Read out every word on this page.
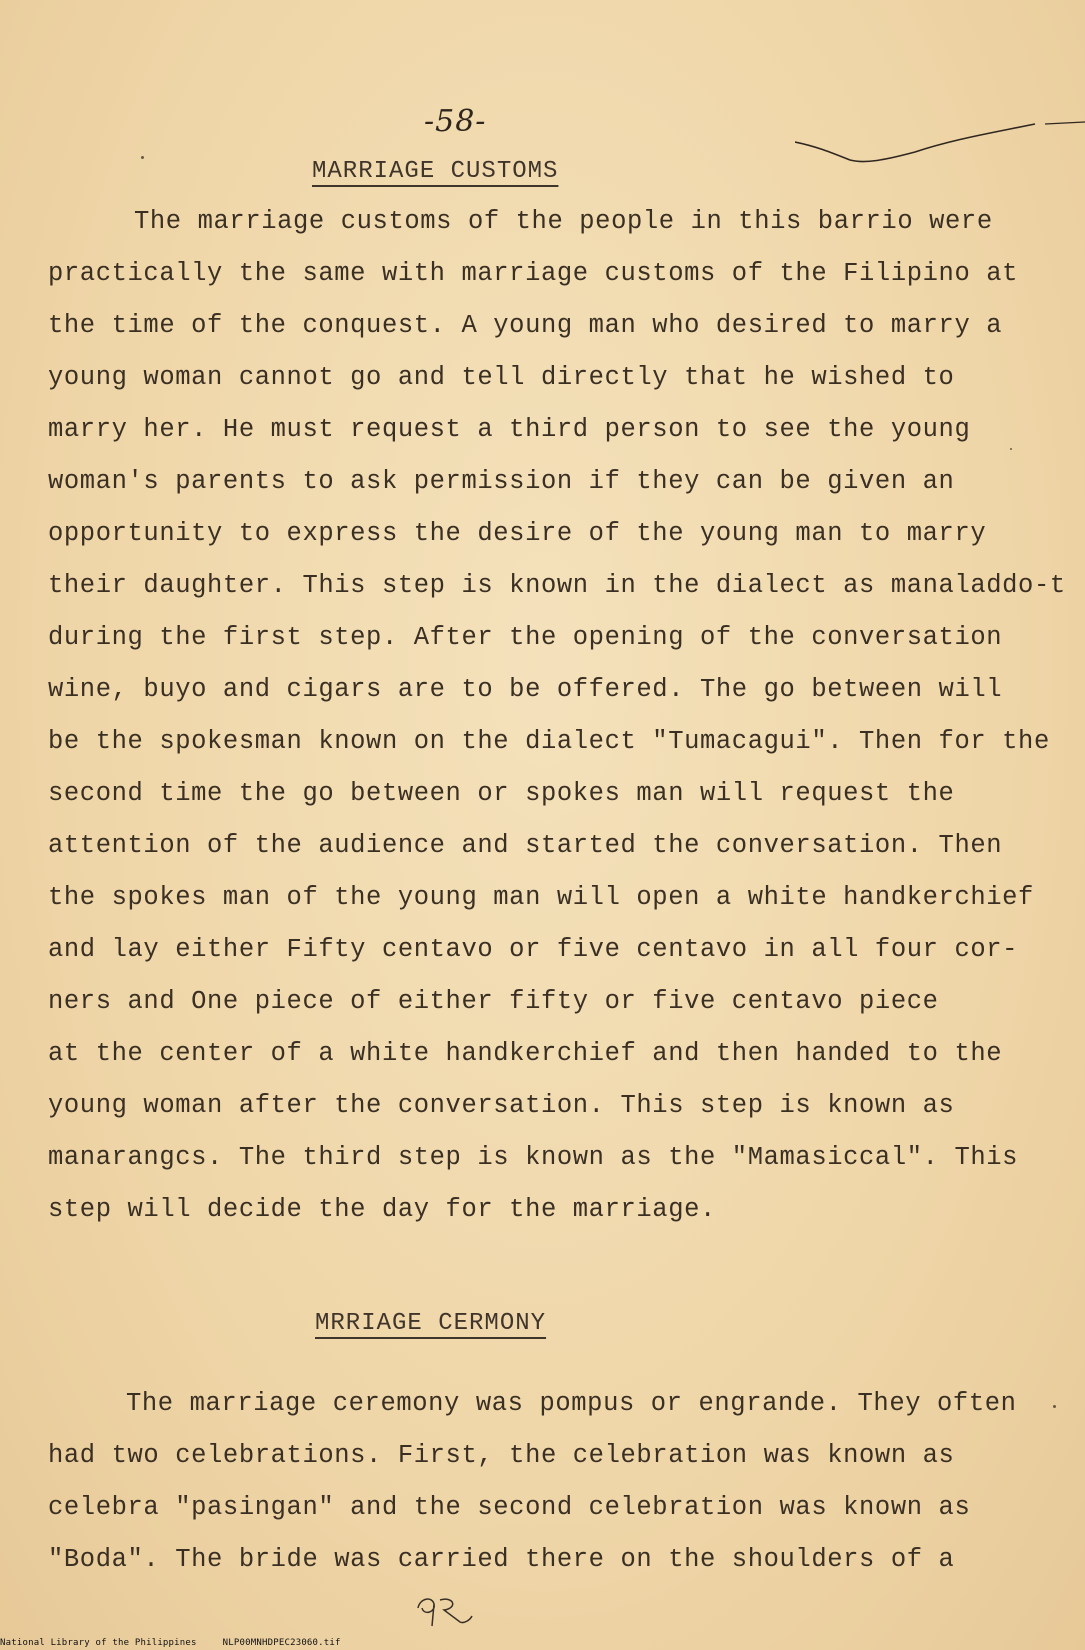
-58-
MARRIAGE CUSTOMS
The marriage customs of the people in this barrio were
practically the same with marriage customs of the Filipino at
the time of the conquest. A young man who desired to marry a
young woman cannot go and tell directly that he wished to
marry her. He must request a third person to see the young
woman's parents to ask permission if they can be given an
opportunity to express the desire of the young man to marry
their daughter. This step is known in the dialect as manaladdo-t
during the first step. After the opening of the conversation
wine, buyo and cigars are to be offered. The go between will
be the spokesman known on the dialect "Tumacagui". Then for the
second time the go between or spokes man will request the
attention of the audience and started the conversation. Then
the spokes man of the young man will open a white handkerchief
and lay either Fifty centavo or five centavo in all four cor-
ners and One piece of either fifty or five centavo piece
at the center of a white handkerchief and then handed to the
young woman after the conversation. This step is known as
manarangcs. The third step is known as the "Mamasiccal". This
step will decide the day for the marriage.
MRRIAGE CERMONY
The marriage ceremony was pompus or engrande. They often
had two celebrations. First, the celebration was known as
celebra "pasingan" and the second celebration was known as
"Boda". The bride was carried there on the shoulders of a
National Library of the Philippines	NLP00MNHDPEC23060.tif
